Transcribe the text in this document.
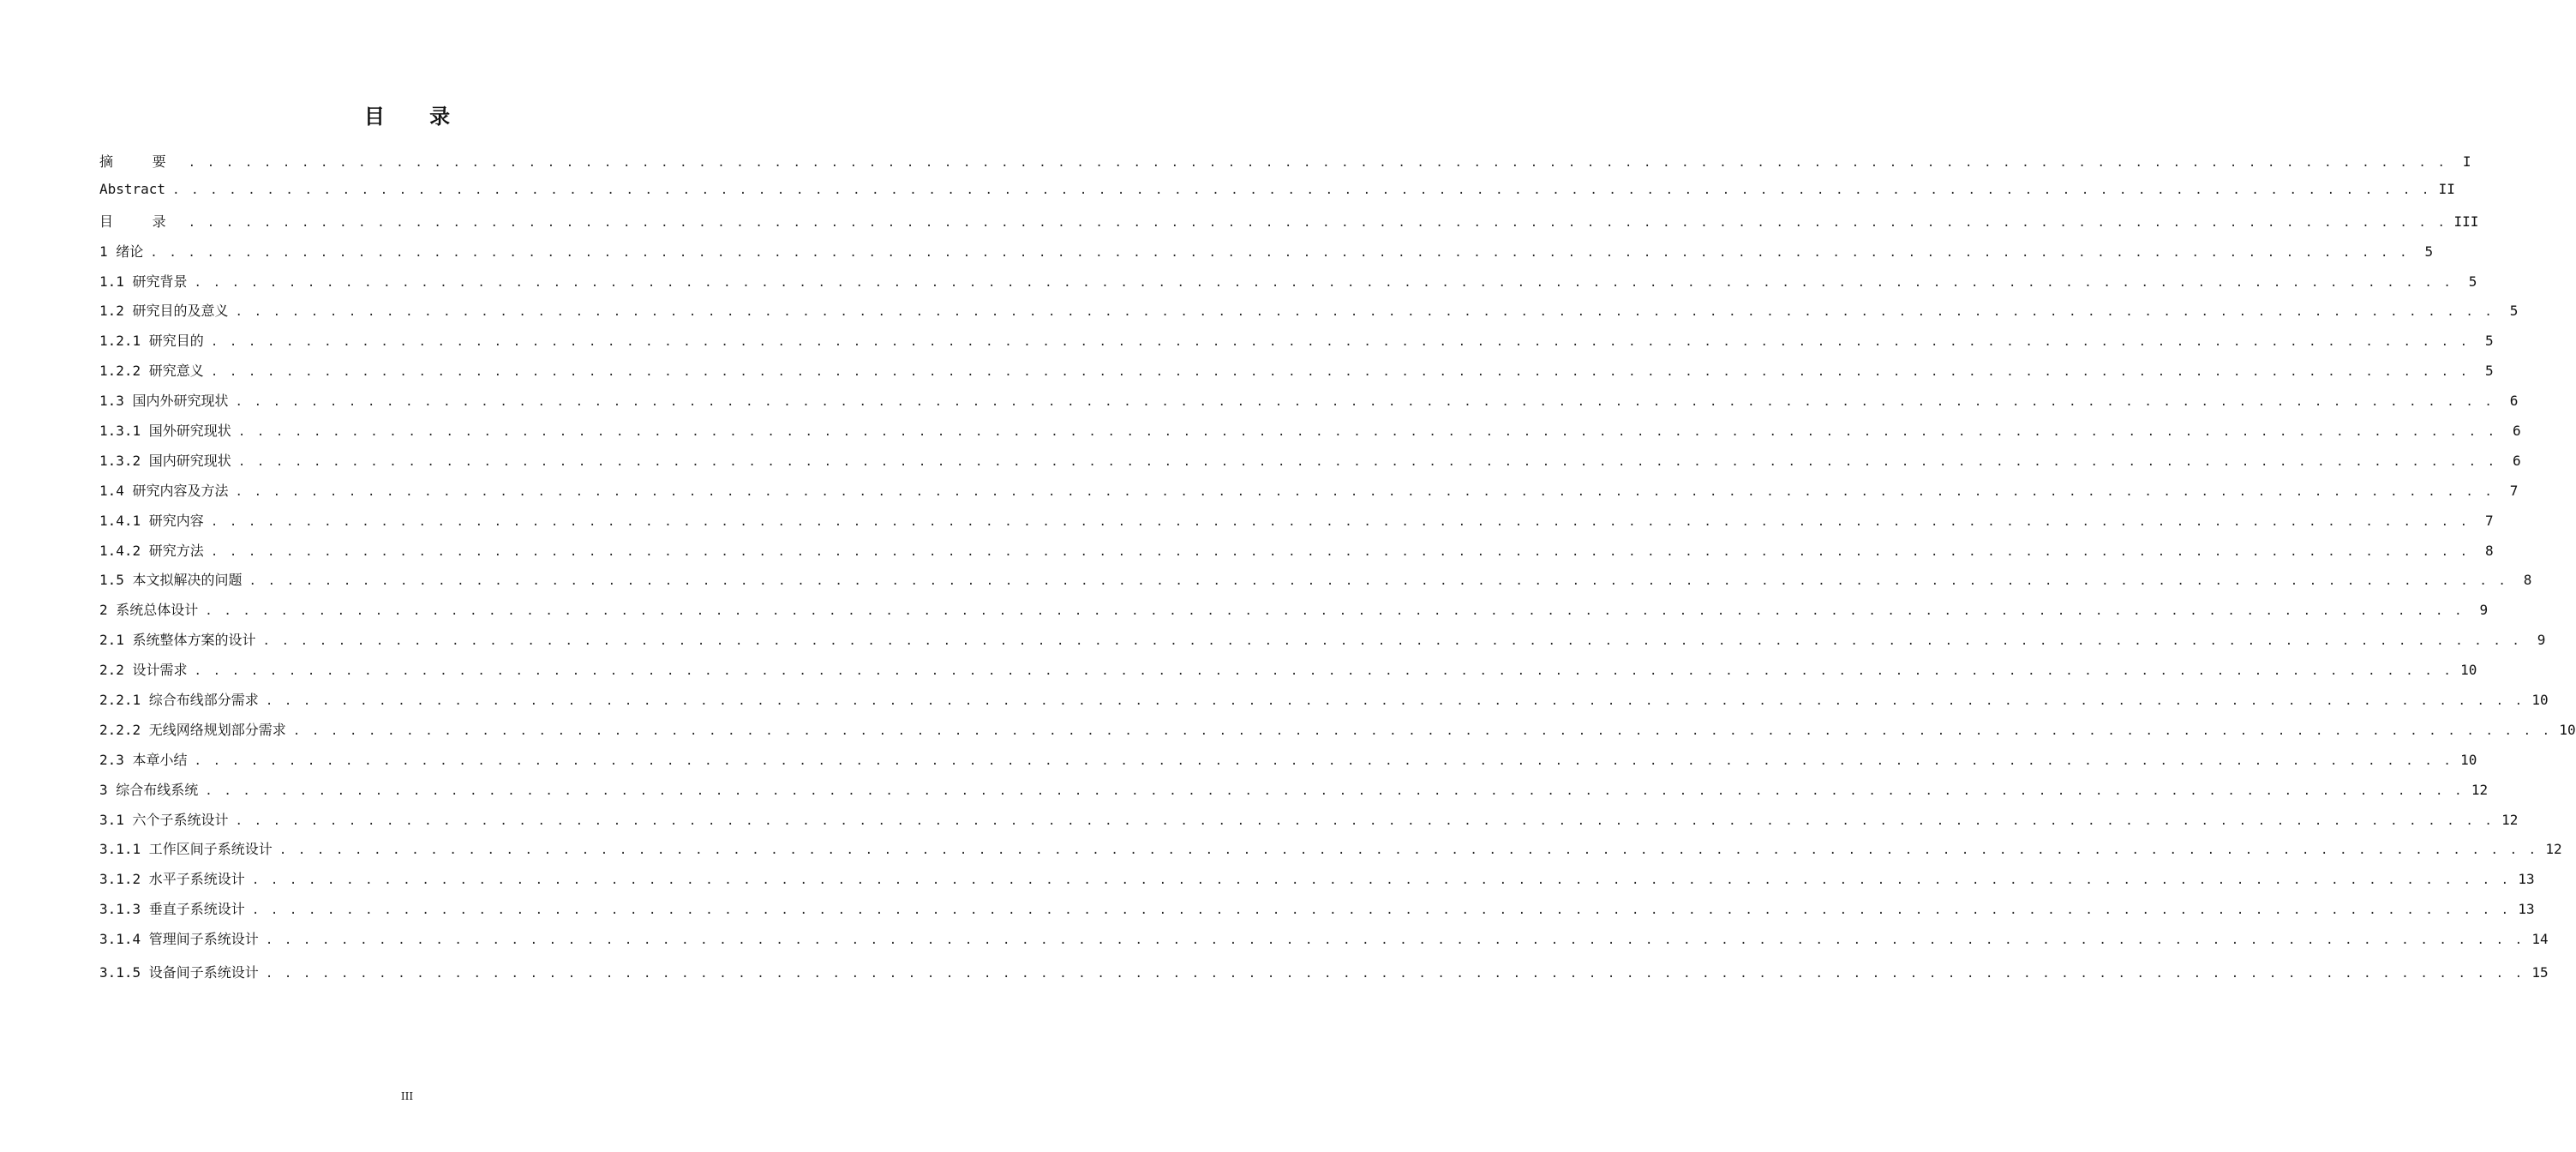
目 录
摘 要 . . . . . . . . . . . . . . . . . . . . . . . . . . . . . . . . . . . . . . . . . . . . . . . . . . . . . . . . . . . . . . . . . . . . . . . . . . . . . . . . . . . . . . . . . . . . . . . . . . . . . . . . . . . . . . . . . . . . . . . .	I
Abstract . . . . . . . . . . . . . . . . . . . . . . . . . . . . . . . . . . . . . . . . . . . . . . . . . . . . . . . . . . . . . . . . . . . . . . . . . . . . . . . . . . . . . . . . . . . . . . . . . . . . . . . . . . . . . . . . . . . . . . . . II
目 录 . . . . . . . . . . . . . . . . . . . . . . . . . . . . . . . . . . . . . . . . . . . . . . . . . . . . . . . . . . . . . . . . . . . . . . . . . . . . . . . . . . . . . . . . . . . . . . . . . . . . . . . . . . . . . . . . . . . . . . . . III
1 绪论 . . . . . . . . . . . . . . . . . . . . . . . . . . . . . . . . . . . . . . . . . . . . . . . . . . . . . . . . . . . . . . . . . . . . . . . . . . . . . . . . . . . . . . . . . . . . . . . . . . . . . . . . . . . . . . . . . . . . . . . .	5
1.1 研究背景 . . . . . . . . . . . . . . . . . . . . . . . . . . . . . . . . . . . . . . . . . . . . . . . . . . . . . . . . . . . . . . . . . . . . . . . . . . . . . . . . . . . . . . . . . . . . . . . . . . . . . . . . . . . . . . . . . . . . . . . .	5
1.2 研究目的及意义 . . . . . . . . . . . . . . . . . . . . . . . . . . . . . . . . . . . . . . . . . . . . . . . . . . . . . . . . . . . . . . . . . . . . . . . . . . . . . . . . . . . . . . . . . . . . . . . . . . . . . . . . . . . . . . . . . . . . . . . .	5
1.2.1 研究目的 . . . . . . . . . . . . . . . . . . . . . . . . . . . . . . . . . . . . . . . . . . . . . . . . . . . . . . . . . . . . . . . . . . . . . . . . . . . . . . . . . . . . . . . . . . . . . . . . . . . . . . . . . . . . . . . . . . . . . . . .	5
1.2.2 研究意义 . . . . . . . . . . . . . . . . . . . . . . . . . . . . . . . . . . . . . . . . . . . . . . . . . . . . . . . . . . . . . . . . . . . . . . . . . . . . . . . . . . . . . . . . . . . . . . . . . . . . . . . . . . . . . . . . . . . . . . . .	5
1.3 国内外研究现状 . . . . . . . . . . . . . . . . . . . . . . . . . . . . . . . . . . . . . . . . . . . . . . . . . . . . . . . . . . . . . . . . . . . . . . . . . . . . . . . . . . . . . . . . . . . . . . . . . . . . . . . . . . . . . . . . . . . . . . . .	6
1.3.1 国外研究现状 . . . . . . . . . . . . . . . . . . . . . . . . . . . . . . . . . . . . . . . . . . . . . . . . . . . . . . . . . . . . . . . . . . . . . . . . . . . . . . . . . . . . . . . . . . . . . . . . . . . . . . . . . . . . . . . . . . . . . . . .	6
1.3.2 国内研究现状 . . . . . . . . . . . . . . . . . . . . . . . . . . . . . . . . . . . . . . . . . . . . . . . . . . . . . . . . . . . . . . . . . . . . . . . . . . . . . . . . . . . . . . . . . . . . . . . . . . . . . . . . . . . . . . . . . . . . . . . .	6
1.4 研究内容及方法 . . . . . . . . . . . . . . . . . . . . . . . . . . . . . . . . . . . . . . . . . . . . . . . . . . . . . . . . . . . . . . . . . . . . . . . . . . . . . . . . . . . . . . . . . . . . . . . . . . . . . . . . . . . . . . . . . . . . . . . .	7
1.4.1 研究内容 . . . . . . . . . . . . . . . . . . . . . . . . . . . . . . . . . . . . . . . . . . . . . . . . . . . . . . . . . . . . . . . . . . . . . . . . . . . . . . . . . . . . . . . . . . . . . . . . . . . . . . . . . . . . . . . . . . . . . . . .	7
1.4.2 研究方法 . . . . . . . . . . . . . . . . . . . . . . . . . . . . . . . . . . . . . . . . . . . . . . . . . . . . . . . . . . . . . . . . . . . . . . . . . . . . . . . . . . . . . . . . . . . . . . . . . . . . . . . . . . . . . . . . . . . . . . . .	8
1.5 本文拟解决的问题 . . . . . . . . . . . . . . . . . . . . . . . . . . . . . . . . . . . . . . . . . . . . . . . . . . . . . . . . . . . . . . . . . . . . . . . . . . . . . . . . . . . . . . . . . . . . . . . . . . . . . . . . . . . . . . . . . . . . . . . .	8
2 系统总体设计 . . . . . . . . . . . . . . . . . . . . . . . . . . . . . . . . . . . . . . . . . . . . . . . . . . . . . . . . . . . . . . . . . . . . . . . . . . . . . . . . . . . . . . . . . . . . . . . . . . . . . . . . . . . . . . . . . . . . . . . .	9
2.1 系统整体方案的设计 . . . . . . . . . . . . . . . . . . . . . . . . . . . . . . . . . . . . . . . . . . . . . . . . . . . . . . . . . . . . . . . . . . . . . . . . . . . . . . . . . . . . . . . . . . . . . . . . . . . . . . . . . . . . . . . . . . . . . . . .	9
2.2 设计需求 . . . . . . . . . . . . . . . . . . . . . . . . . . . . . . . . . . . . . . . . . . . . . . . . . . . . . . . . . . . . . . . . . . . . . . . . . . . . . . . . . . . . . . . . . . . . . . . . . . . . . . . . . . . . . . . . . . . . . . . . 10
2.2.1 综合布线部分需求 . . . . . . . . . . . . . . . . . . . . . . . . . . . . . . . . . . . . . . . . . . . . . . . . . . . . . . . . . . . . . . . . . . . . . . . . . . . . . . . . . . . . . . . . . . . . . . . . . . . . . . . . . . . . . . . . . . . . . . . . 10
2.2.2 无线网络规划部分需求 . . . . . . . . . . . . . . . . . . . . . . . . . . . . . . . . . . . . . . . . . . . . . . . . . . . . . . . . . . . . . . . . . . . . . . . . . . . . . . . . . . . . . . . . . . . . . . . . . . . . . . . . . . . . . . . . . . . . . . . . 10
2.3 本章小结 . . . . . . . . . . . . . . . . . . . . . . . . . . . . . . . . . . . . . . . . . . . . . . . . . . . . . . . . . . . . . . . . . . . . . . . . . . . . . . . . . . . . . . . . . . . . . . . . . . . . . . . . . . . . . . . . . . . . . . . . 10
3 综合布线系统 . . . . . . . . . . . . . . . . . . . . . . . . . . . . . . . . . . . . . . . . . . . . . . . . . . . . . . . . . . . . . . . . . . . . . . . . . . . . . . . . . . . . . . . . . . . . . . . . . . . . . . . . . . . . . . . . . . . . . . . . 12
3.1 六个子系统设计 . . . . . . . . . . . . . . . . . . . . . . . . . . . . . . . . . . . . . . . . . . . . . . . . . . . . . . . . . . . . . . . . . . . . . . . . . . . . . . . . . . . . . . . . . . . . . . . . . . . . . . . . . . . . . . . . . . . . . . . . 12
3.1.1 工作区间子系统设计 . . . . . . . . . . . . . . . . . . . . . . . . . . . . . . . . . . . . . . . . . . . . . . . . . . . . . . . . . . . . . . . . . . . . . . . . . . . . . . . . . . . . . . . . . . . . . . . . . . . . . . . . . . . . . . . . . . . . . . . . 12
3.1.2 水平子系统设计 . . . . . . . . . . . . . . . . . . . . . . . . . . . . . . . . . . . . . . . . . . . . . . . . . . . . . . . . . . . . . . . . . . . . . . . . . . . . . . . . . . . . . . . . . . . . . . . . . . . . . . . . . . . . . . . . . . . . . . . . 13
3.1.3 垂直子系统设计 . . . . . . . . . . . . . . . . . . . . . . . . . . . . . . . . . . . . . . . . . . . . . . . . . . . . . . . . . . . . . . . . . . . . . . . . . . . . . . . . . . . . . . . . . . . . . . . . . . . . . . . . . . . . . . . . . . . . . . . . 13
3.1.4 管理间子系统设计 . . . . . . . . . . . . . . . . . . . . . . . . . . . . . . . . . . . . . . . . . . . . . . . . . . . . . . . . . . . . . . . . . . . . . . . . . . . . . . . . . . . . . . . . . . . . . . . . . . . . . . . . . . . . . . . . . . . . . . . . 14
3.1.5 设备间子系统设计 . . . . . . . . . . . . . . . . . . . . . . . . . . . . . . . . . . . . . . . . . . . . . . . . . . . . . . . . . . . . . . . . . . . . . . . . . . . . . . . . . . . . . . . . . . . . . . . . . . . . . . . . . . . . . . . . . . . . . . . . 15
III
